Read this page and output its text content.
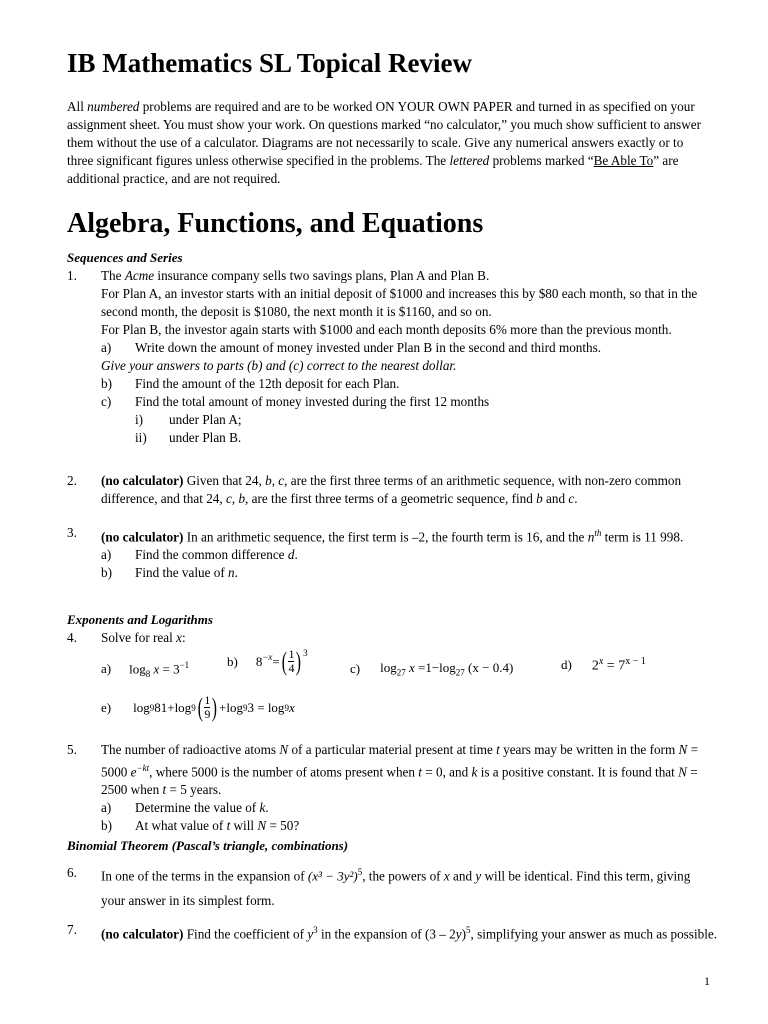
IB Mathematics SL Topical Review
All numbered problems are required and are to be worked ON YOUR OWN PAPER and turned in as specified on your assignment sheet. You must show your work. On questions marked “no calculator,” you much show sufficient to answer them without the use of a calculator. Diagrams are not necessarily to scale. Give any numerical answers exactly or to three significant figures unless otherwise specified in the problems. The lettered problems marked “Be Able To” are additional practice, and are not required.
Algebra, Functions, and Equations
Sequences and Series
1. The Acme insurance company sells two savings plans, Plan A and Plan B.
For Plan A, an investor starts with an initial deposit of $1000 and increases this by $80 each month, so that in the second month, the deposit is $1080, the next month it is $1160, and so on.
For Plan B, the investor again starts with $1000 and each month deposits 6% more than the previous month.
a) Write down the amount of money invested under Plan B in the second and third months.
Give your answers to parts (b) and (c) correct to the nearest dollar.
b) Find the amount of the 12th deposit for each Plan.
c) Find the total amount of money invested during the first 12 months
i) under Plan A;
ii) under Plan B.
2. (no calculator) Given that 24, b, c, are the first three terms of an arithmetic sequence, with non-zero common difference, and that 24, c, b, are the first three terms of a geometric sequence, find b and c.
3. (no calculator) In an arithmetic sequence, the first term is –2, the fourth term is 16, and the $n^{th}$ term is 11 998.
a) Find the common difference d.
b) Find the value of n.
Exponents and Logarithms
4. Solve for real x:
a) $\log_8 x = 3^{-1}$	b) 8 $^{-x}$ = ( $\frac{1}{4} )^3$
c) $\log_{27} x =1-\log_{27}$ (x − 0.4)	d) $2^x = 7^{x - 1}$
e) log 9 81+log 9 ( $\frac{1}{9}$ ) +log 9 3 = log 9 x
5. The number of radioactive atoms N of a particular material present at time t years may be written in the form N = 5000 $e^{-kt}$, where 5000 is the number of atoms present when t = 0, and k is a positive constant. It is found that N = 2500 when t = 5 years.
a) Determine the value of k.
b) At what value of t will N = 50?
Binomial Theorem (Pascal’s triangle, combinations)
6. In one of the terms in the expansion of $(x^3 - 3y^2)^5$, the powers of x and y will be identical. Find this term, giving your answer in its simplest form.
7. (no calculator) Find the coefficient of $y^3$ in the expansion of (3 – 2y)$^5$, simplifying your answer as much as possible.
1
